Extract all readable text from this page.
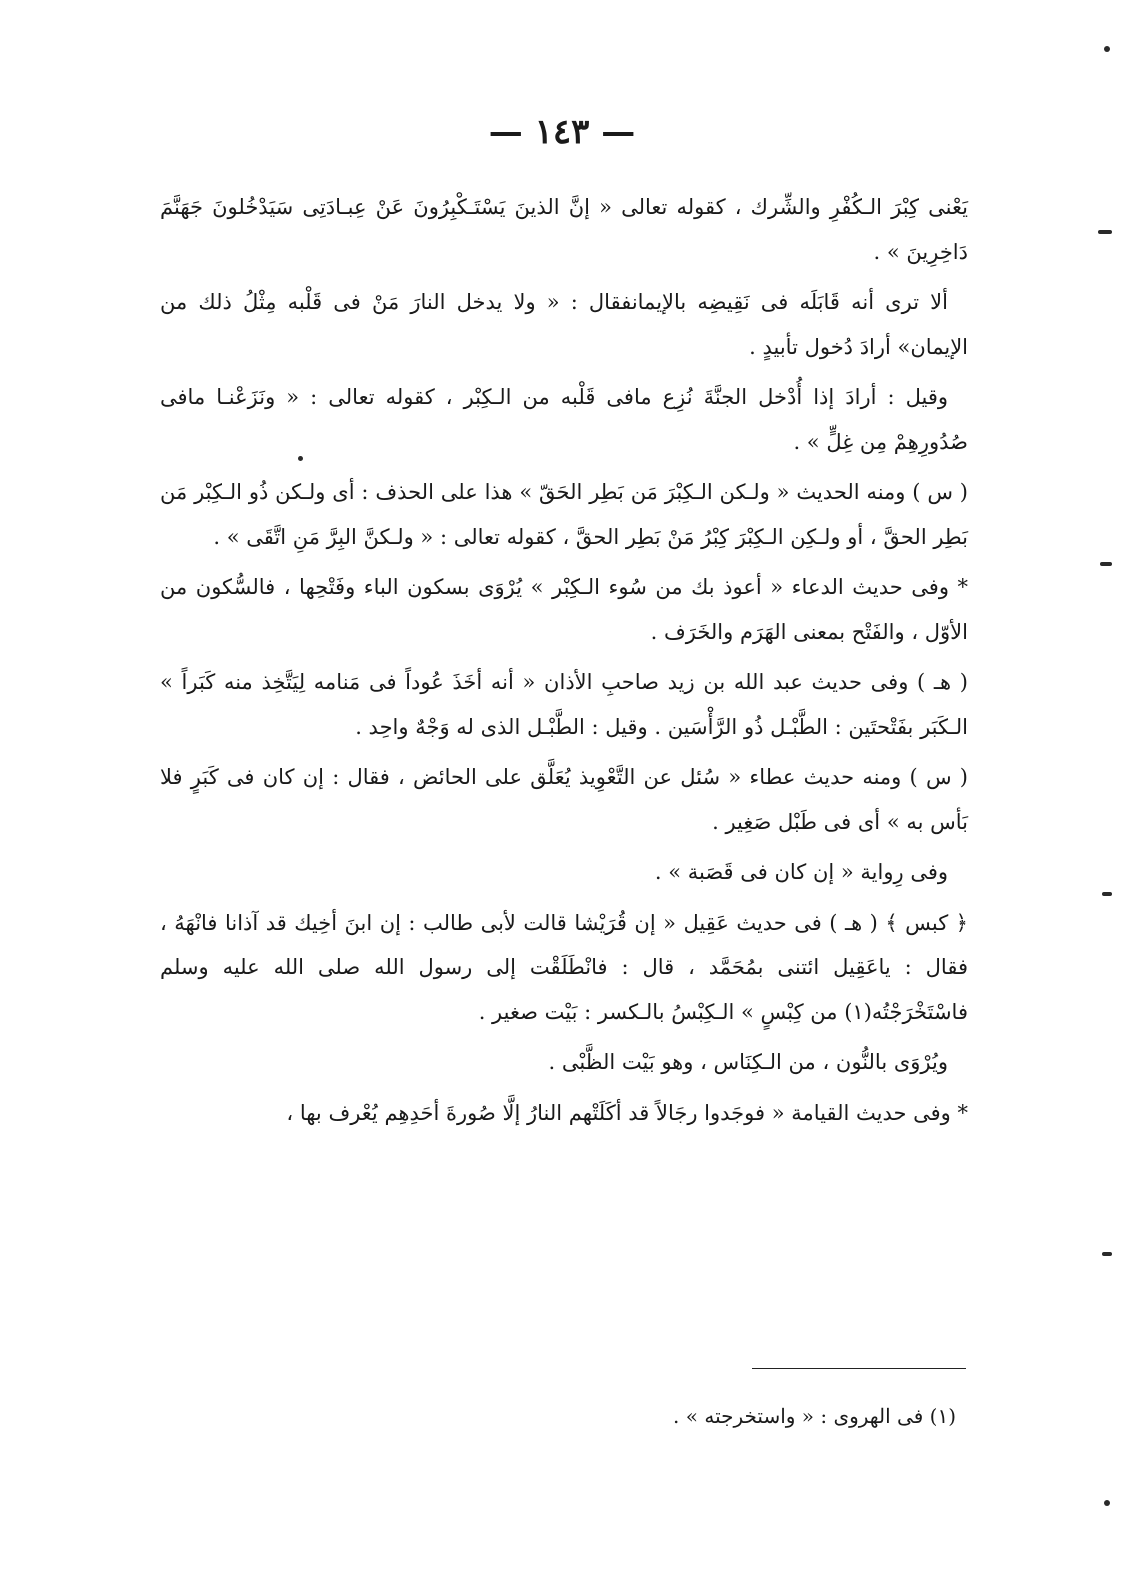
— ١٤٣ —

يَعْنى كِبْرَ الـكُفْرِ والشِّرك ، كقوله تعالى « إنَّ الذينَ يَسْتَـكْبِرُونَ عَنْ عِبـادَتِى سَيَدْخُلونَ جَهَنَّمَ دَاخِرِينَ » .

ألا ترى أنه قَابَلَه فى نَقِيضِه بالإيمانفقال : « ولا يدخل النارَ مَنْ فى قَلْبه مِثْلُ ذلك من الإيمان» أرادَ دُخول تأبيدٍ .

وقيل : أرادَ إذا أُدْخل الجنَّةَ نُزِع مافى قَلْبه من الـكِبْر ، كقوله تعالى : « ونَزَعْنـا مافى صُدُورِهِمْ مِن غِلٍّ » .

( س ) ومنه الحديث « ولـكن الـكِبْرَ مَن بَطِر الحَقّ » هذا على الحذف : أى ولـكن ذُو الـكِبْر مَن بَطِر الحقَّ ، أو ولـكِن الـكِبْرَ كِبْرُ مَنْ بَطِر الحقَّ ، كقوله تعالى : « ولـكنَّ البِرَّ مَنِ اتَّقَى » .

* وفى حديث الدعاء « أعوذ بك من سُوء الـكِبْر » يُرْوَى بسكون الباء وفَتْحِها ، فالسُّكون من الأوّل ، والفَتْح بمعنى الهَرَم والخَرَف .

( هـ ) وفى حديث عبد الله بن زيد صاحبِ الأذان « أنه أخَذَ عُوداً فى مَنامه لِيَتَّخِذ منه كَبَراً » الـكَبَر بفَتْحتَين : الطَّبْـل ذُو الرَّأْسَين . وقيل : الطَّبْـل الذى له وَجْهٌ واحِد .

( س ) ومنه حديث عطاء « سُئل عن التَّعْوِيذ يُعَلَّق على الحائض ، فقال : إن كان فى كَبَرٍ فلا بَأس به » أى فى طَبْل صَغِير .

وفى رِواية « إن كان فى قَصَبة » .

﴿ كبس ﴾ ( هـ ) فى حديث عَقِيل « إن قُرَيْشا قالت لأبى طالب : إن ابنَ أخِيك قد آذانا فانْهَهُ ، فقال : ياعَقِيل ائتنى بمُحَمَّد ، قال : فانْطَلَقْت إلى رسول الله صلى الله عليه وسلم فاسْتَخْرَجْتُه(١) من كِبْسٍ » الـكِبْسُ بالـكسر : بَيْت صغير .

ويُرْوَى بالنُّون ، من الـكِنَاس ، وهو بَيْت الظَّبْى .

* وفى حديث القيامة « فوجَدوا رجَالاً قد أكَلَتْهم النارُ إلَّا صُورةَ أحَدِهِم يُعْرف بها ،

(١) فى الهروى : « واستخرجته » .
